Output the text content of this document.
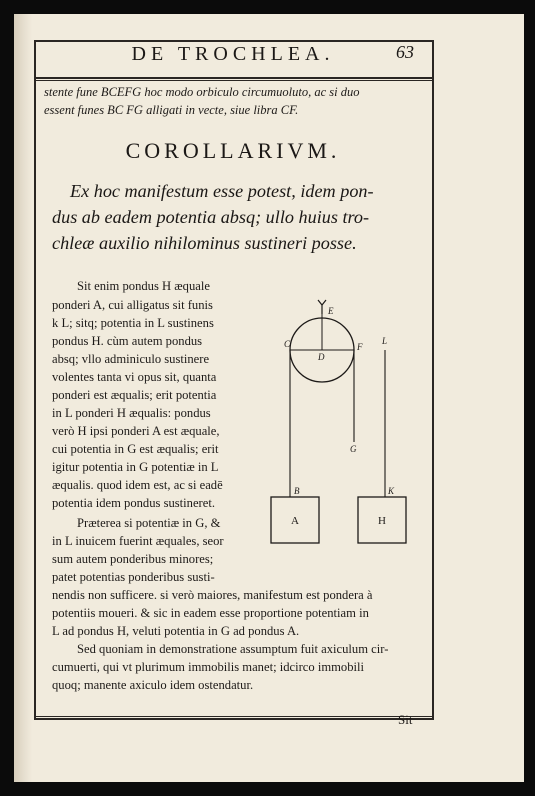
DE TROCHLEA.	63
stente fune BCEFG hoc modo orbiculo circumuoluto, ac si duo
essent funes BC FG alligati in vecte, siue libra CF.
COROLLARIVM.
Ex hoc manifestum esse potest, idem pon-
dus ab eadem potentia absq; ullo huius tro-
chleæ auxilio nihilominus sustineri posse.
Sit enim pondus H æquale
ponderi A, cui alligatus sit funis
k L; sitq; potentia in L sustinens
pondus H. cùm autem pondus
absq; vllo adminiculo sustinere
volentes tanta vi opus sit, quanta
ponderi est æqualis; erit potentia
in L ponderi H æqualis: pondus
verò H ipsi ponderi A est æquale,
cui potentia in G est æqualis; erit
igitur potentia in G potentiæ in L
æqualis. quod idem est, ac si eadē
potentia idem pondus sustineret.
Præterea si potentiæ in G, &
in L inuicem fuerint æquales, seor
sum autem ponderibus minores;
patet potentias ponderibus susti-
nendis non sufficere. si verò maiores, manifestum est pondera à
potentiis moueri. & sic in eadem esse proportione potentiam in
L ad pondus H, veluti potentia in G ad pondus A.
Sed quoniam in demonstratione assumptum fuit axiculum cir-
cumuerti, qui vt plurimum immobilis manet; idcirco immobili
quoq; manente axiculo idem ostendatur.
Sit
E
C
D
F
L
G
B	K
A	H
